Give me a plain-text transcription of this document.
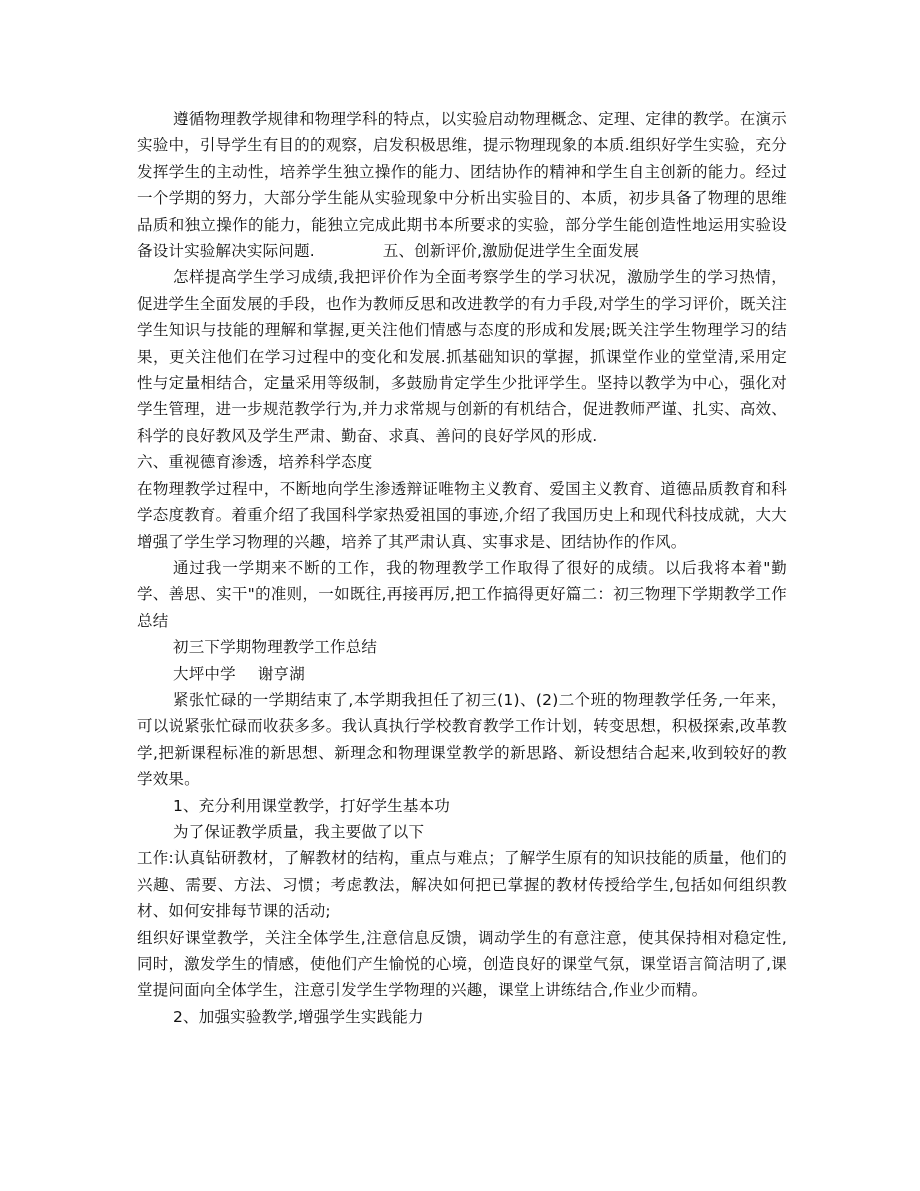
遵循物理教学规律和物理学科的特点，以实验启动物理概念、定理、定律的教学。在演示实验中，引导学生有目的的观察，启发积极思维，提示物理现象的本质.组织好学生实验，充分发挥学生的主动性，培养学生独立操作的能力、团结协作的精神和学生自主创新的能力。经过一个学期的努力，大部分学生能从实验现象中分析出实验目的、本质，初步具备了物理的思维品质和独立操作的能力，能独立完成此期书本所要求的实验，部分学生能创造性地运用实验设备设计实验解决实际问题.	五、创新评价,激励促进学生全面发展

怎样提高学生学习成绩,我把评价作为全面考察学生的学习状况，激励学生的学习热情，促进学生全面发展的手段，也作为教师反思和改进教学的有力手段,对学生的学习评价，既关注学生知识与技能的理解和掌握,更关注他们情感与态度的形成和发展;既关注学生物理学习的结果，更关注他们在学习过程中的变化和发展.抓基础知识的掌握，抓课堂作业的堂堂清,采用定性与定量相结合，定量采用等级制，多鼓励肯定学生少批评学生。坚持以教学为中心，强化对学生管理，进一步规范教学行为,并力求常规与创新的有机结合，促进教师严谨、扎实、高效、科学的良好教风及学生严肃、勤奋、求真、善问的良好学风的形成.

六、重视德育渗透，培养科学态度

在物理教学过程中，不断地向学生渗透辩证唯物主义教育、爱国主义教育、道德品质教育和科学态度教育。着重介绍了我国科学家热爱祖国的事迹,介绍了我国历史上和现代科技成就，大大增强了学生学习物理的兴趣，培养了其严肃认真、实事求是、团结协作的作风。

通过我一学期来不断的工作，我的物理教学工作取得了很好的成绩。以后我将本着"勤学、善思、实干"的准则，一如既往,再接再厉,把工作搞得更好篇二：初三物理下学期教学工作总结

初三下学期物理教学工作总结

大坪中学 谢亨湖

紧张忙碌的一学期结束了,本学期我担任了初三(1)、(2)二个班的物理教学任务,一年来，可以说紧张忙碌而收获多多。我认真执行学校教育教学工作计划，转变思想，积极探索,改革教学,把新课程标准的新思想、新理念和物理课堂教学的新思路、新设想结合起来,收到较好的教学效果。

1、充分利用课堂教学，打好学生基本功

为了保证教学质量，我主要做了以下

工作:认真钻研教材，了解教材的结构，重点与难点；了解学生原有的知识技能的质量，他们的兴趣、需要、方法、习惯；考虑教法，解决如何把已掌握的教材传授给学生,包括如何组织教材、如何安排每节课的活动;

组织好课堂教学，关注全体学生,注意信息反馈，调动学生的有意注意，使其保持相对稳定性,同时，激发学生的情感，使他们产生愉悦的心境，创造良好的课堂气氛，课堂语言简洁明了,课堂提问面向全体学生，注意引发学生学物理的兴趣，课堂上讲练结合,作业少而精。

2、加强实验教学,增强学生实践能力
